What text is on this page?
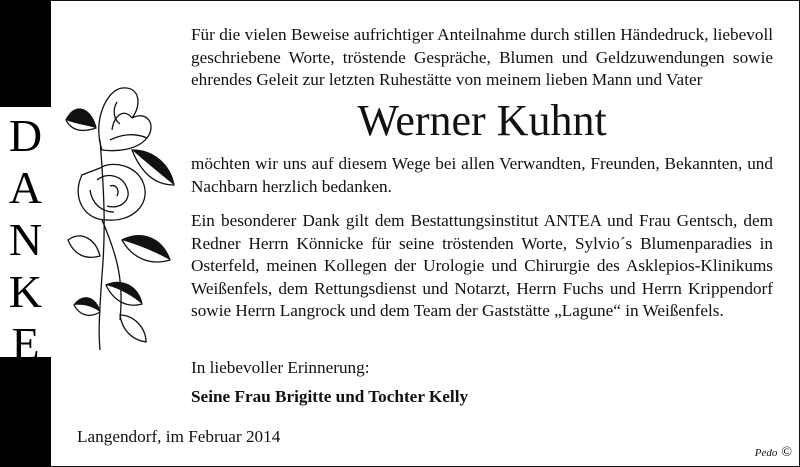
D
A
N
K
E

Für die vielen Beweise aufrichtiger Anteilnahme durch stillen Händedruck, liebevoll geschriebene Worte, tröstende Gespräche, Blumen und Geldzuwendungen sowie ehrendes Geleit zur letzten Ruhestätte von meinem lieben Mann und Vater

Werner Kuhnt

möchten wir uns auf diesem Wege bei allen Verwandten, Freunden, Bekannten, und Nachbarn herzlich bedanken.

Ein besonderer Dank gilt dem Bestattungsinstitut ANTEA und Frau Gentsch, dem Redner Herrn Könnicke für seine tröstenden Worte, Sylvio´s Blumenparadies in Osterfeld, meinen Kollegen der Urologie und Chirurgie des Asklepios-Klinikums Weißenfels, dem Rettungsdienst und Notarzt, Herrn Fuchs und Herrn Krippendorf sowie Herrn Langrock und dem Team der Gaststätte „Lagune“ in Weißenfels.

In liebevoller Erinnerung:

Seine Frau Brigitte und Tochter Kelly

Langendorf, im Februar 2014

Pedo ©
